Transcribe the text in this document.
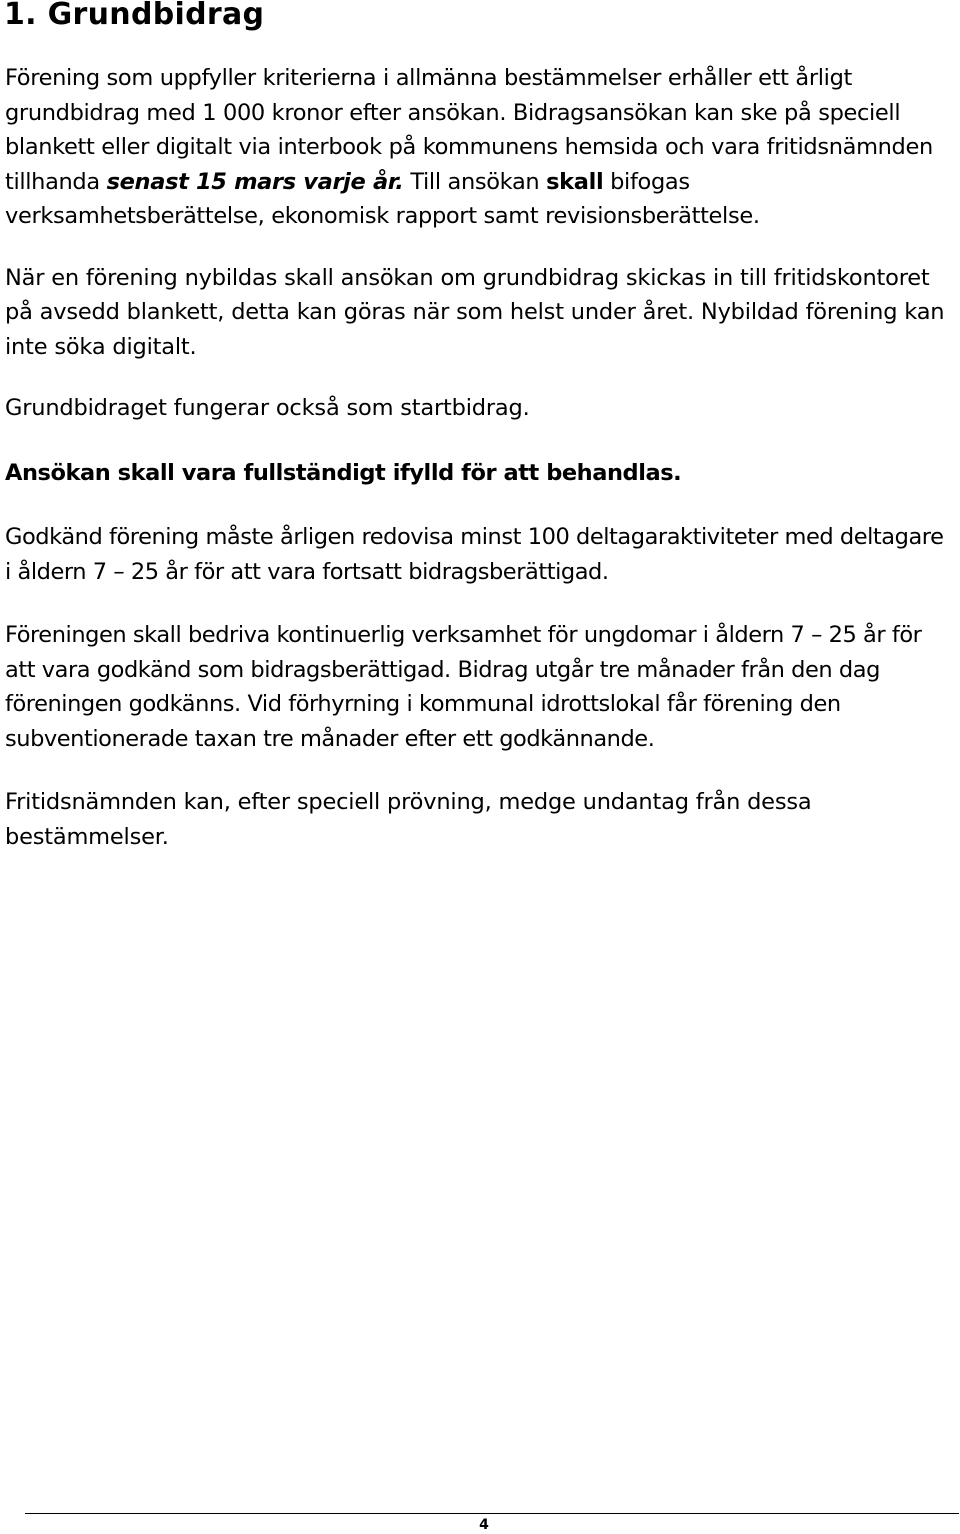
1. Grundbidrag

Förening som uppfyller kriterierna i allmänna bestämmelser erhåller ett årligt grundbidrag med 1 000 kronor efter ansökan. Bidragsansökan kan ske på speciell blankett eller digitalt via interbook på kommunens hemsida och vara fritidsnämnden tillhanda senast 15 mars varje år. Till ansökan skall bifogas verksamhetsberättelse, ekonomisk rapport samt revisionsberättelse.

När en förening nybildas skall ansökan om grundbidrag skickas in till fritidskontoret på avsedd blankett, detta kan göras när som helst under året. Nybildad förening kan inte söka digitalt.

Grundbidraget fungerar också som startbidrag.

Ansökan skall vara fullständigt ifylld för att behandlas.

Godkänd förening måste årligen redovisa minst 100 deltagaraktiviteter med deltagare i åldern 7 – 25 år för att vara fortsatt bidragsberättigad.

Föreningen skall bedriva kontinuerlig verksamhet för ungdomar i åldern 7 – 25 år för att vara godkänd som bidragsberättigad. Bidrag utgår tre månader från den dag föreningen godkänns. Vid förhyrning i kommunal idrottslokal får förening den subventionerade taxan tre månader efter ett godkännande.

Fritidsnämnden kan, efter speciell prövning, medge undantag från dessa bestämmelser.

4
